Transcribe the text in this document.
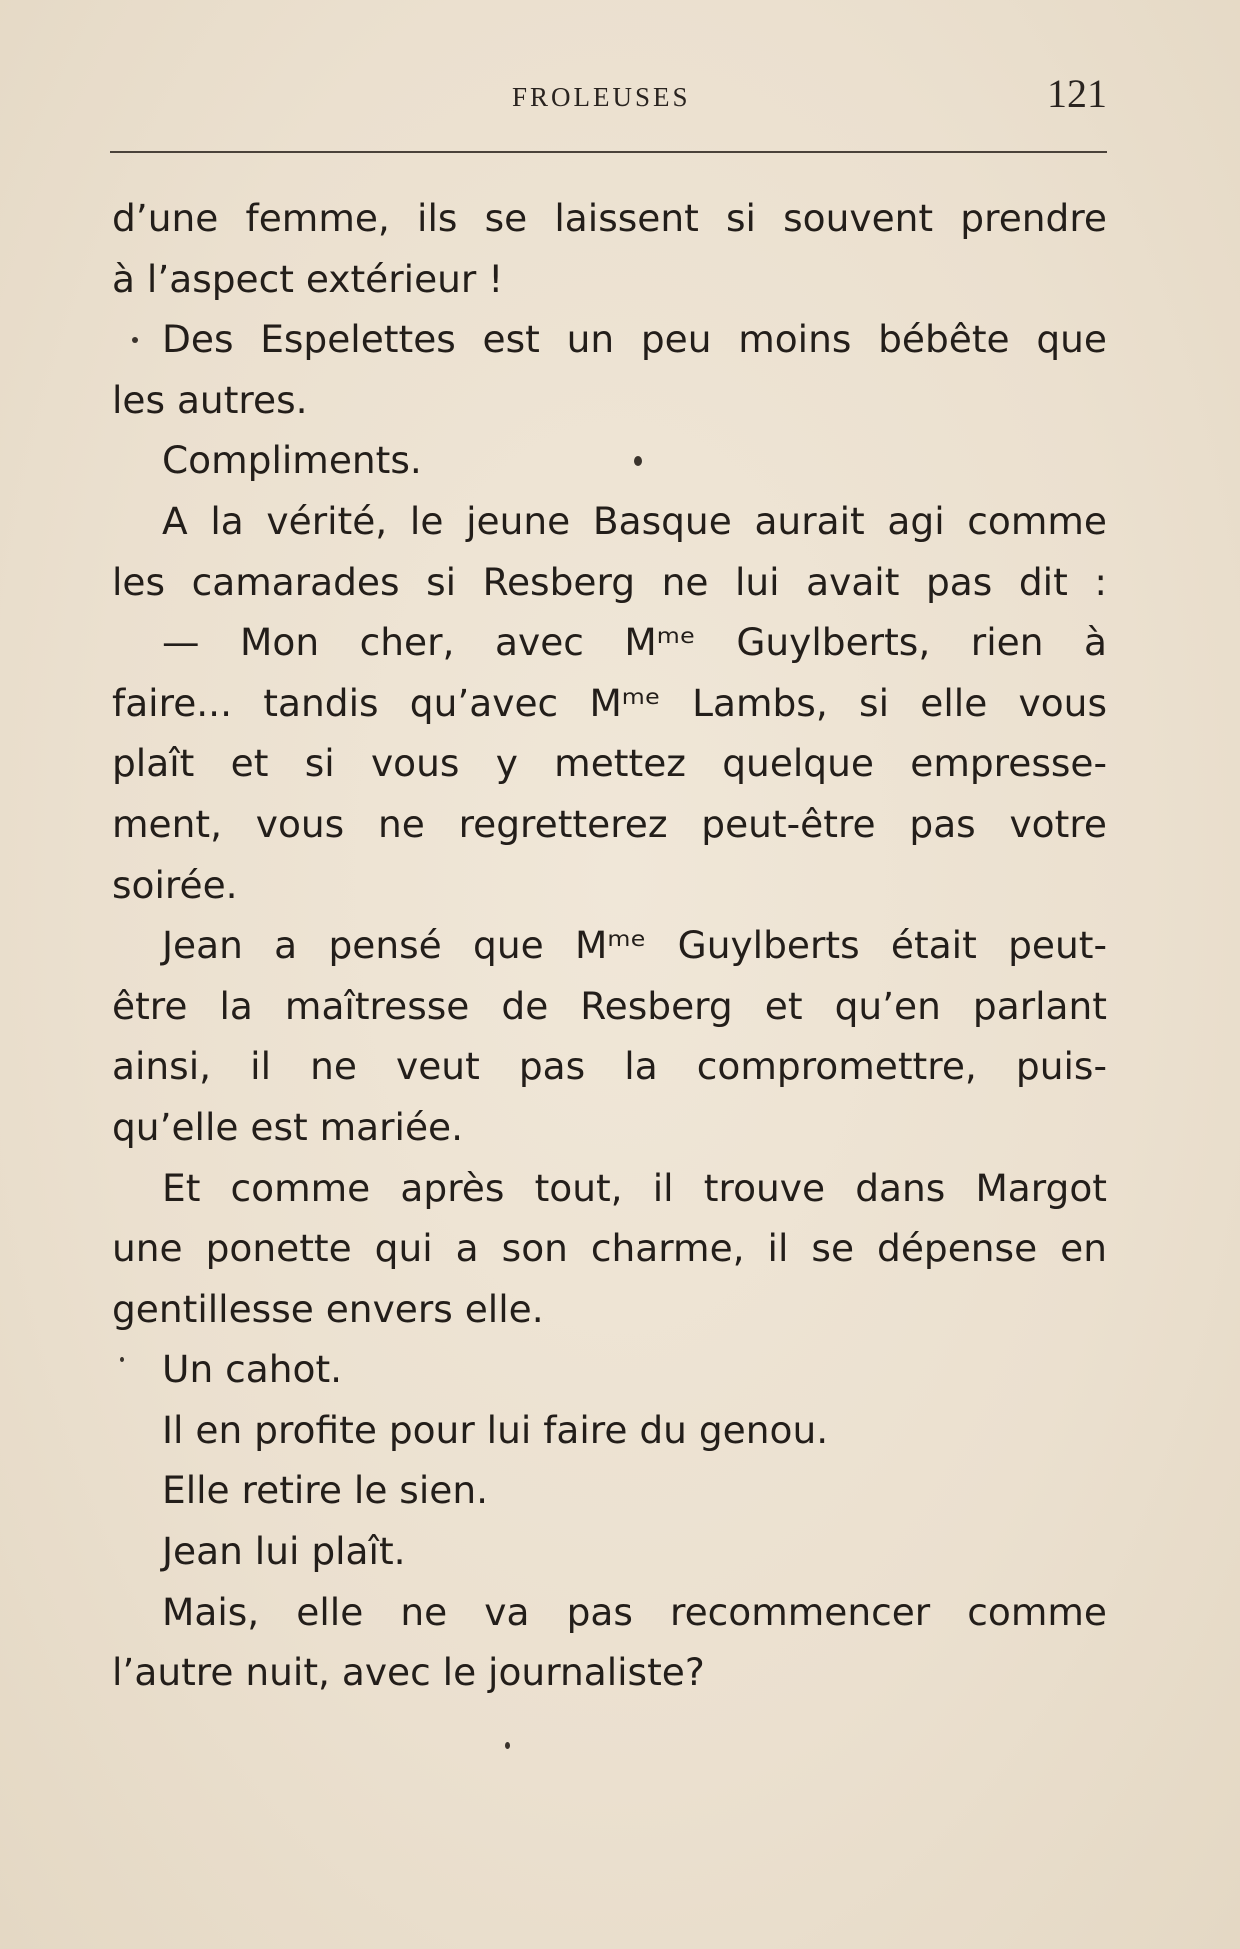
FROLEUSES	121
d’une femme, ils se laissent si souvent prendre
à l’aspect extérieur !
Des Espelettes est un peu moins bébête que
les autres.
Compliments.
A la vérité, le jeune Basque aurait agi comme
les camarades si Resberg ne lui avait pas dit :
— Mon cher, avec Mᵐᵉ Guylberts, rien à
faire... tandis qu’avec Mᵐᵉ Lambs, si elle vous
plaît et si vous y mettez quelque empresse-
ment, vous ne regretterez peut-être pas votre
soirée.
Jean a pensé que Mᵐᵉ Guylberts était peut-
être la maîtresse de Resberg et qu’en parlant
ainsi, il ne veut pas la compromettre, puis-
qu’elle est mariée.
Et comme après tout, il trouve dans Margot
une ponette qui a son charme, il se dépense en
gentillesse envers elle.
Un cahot.
Il en profite pour lui faire du genou.
Elle retire le sien.
Jean lui plaît.
Mais, elle ne va pas recommencer comme
l’autre nuit, avec le journaliste?
